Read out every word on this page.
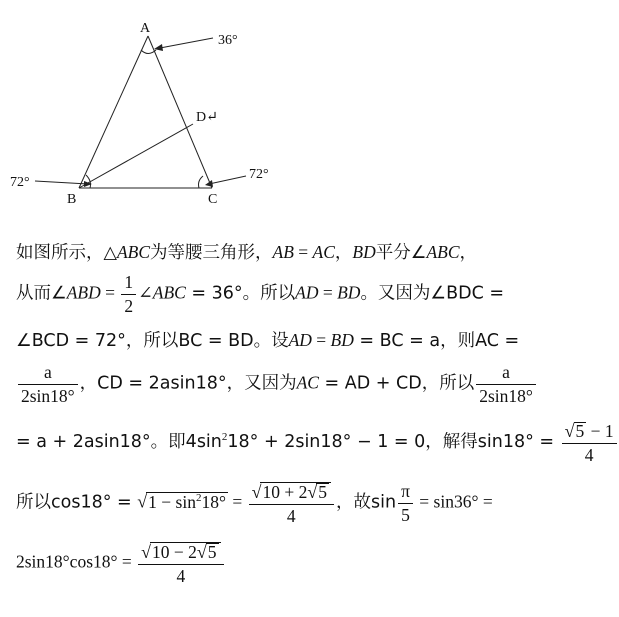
A
B	C
D↵
36°
72°
72°
如图所示，△ABC为等腰三角形，AB = AC，BD平分∠ABC，
从而∠ABD = $\frac{1}{2}$ ∠ABC = 36°。所以AD = BD。又因为∠BDC =
∠BCD = 72°，所以BC = BD。设AD = BD = BC = a，则AC =
$\frac{a}{2\sin 18^\circ}$ ，CD = 2asin18°，又因为AC = AD + CD，所以 $\frac{a}{2\sin 18^\circ}$
= a + 2asin18°。即$4\sin^218^\circ + 2\sin 18^\circ - 1 = 0$，解得$\sin 18^\circ = \frac{√5 - 1}{4}$
所以$\cos 18^\circ = √1 - \sin^218^\circ = \frac{√10 + 2√5}{4}$ ，故$\sin \frac{\pi}{5} = \sin 36^\circ$ =
$2\sin 18^\circ\cos 18^\circ = \frac{√10 - 2√5}{4}$
